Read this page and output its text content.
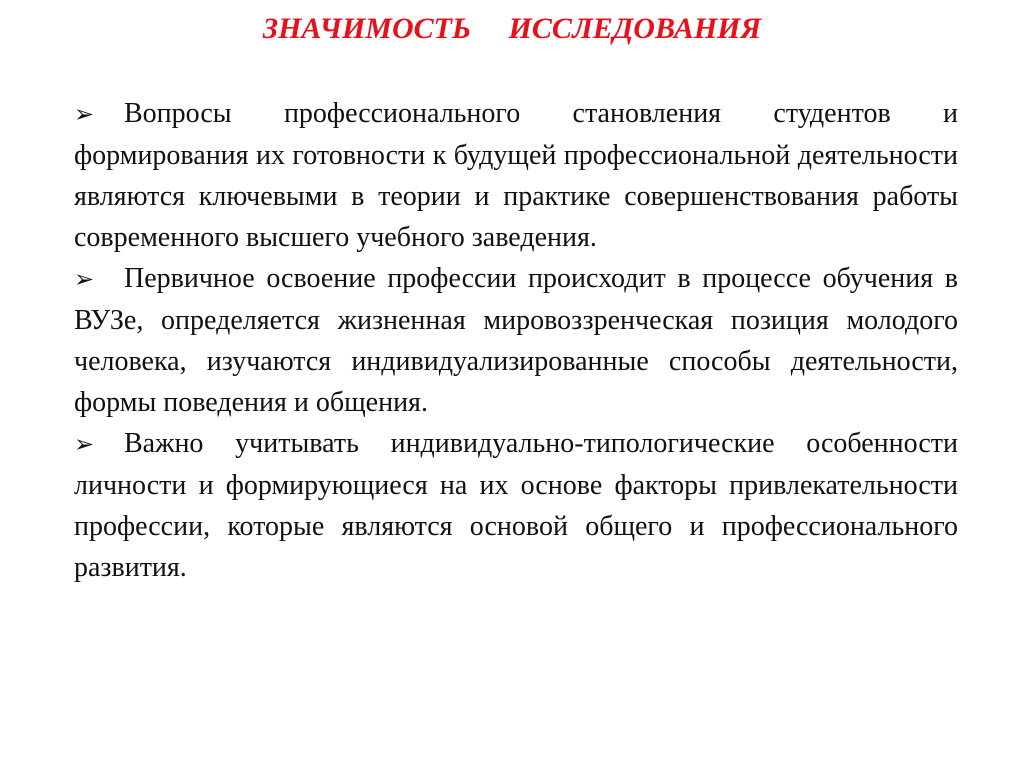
ЗНАЧИМОСТЬ     ИССЛЕДОВАНИЯ
➢ Вопросы профессионального становления студентов и формирования их готовности к будущей профессиональной деятельности являются ключевыми в теории и практике совершенствования работы современного высшего учебного заведения.
➢ Первичное освоение профессии происходит в процессе обучения в ВУЗе, определяется жизненная мировоззренческая позиция молодого человека, изучаются индивидуализированные способы деятельности, формы поведения и общения.
➢ Важно учитывать индивидуально-типологические особенности личности и формирующиеся на их основе факторы привлекательности профессии, которые являются основой общего и профессионального развития.
